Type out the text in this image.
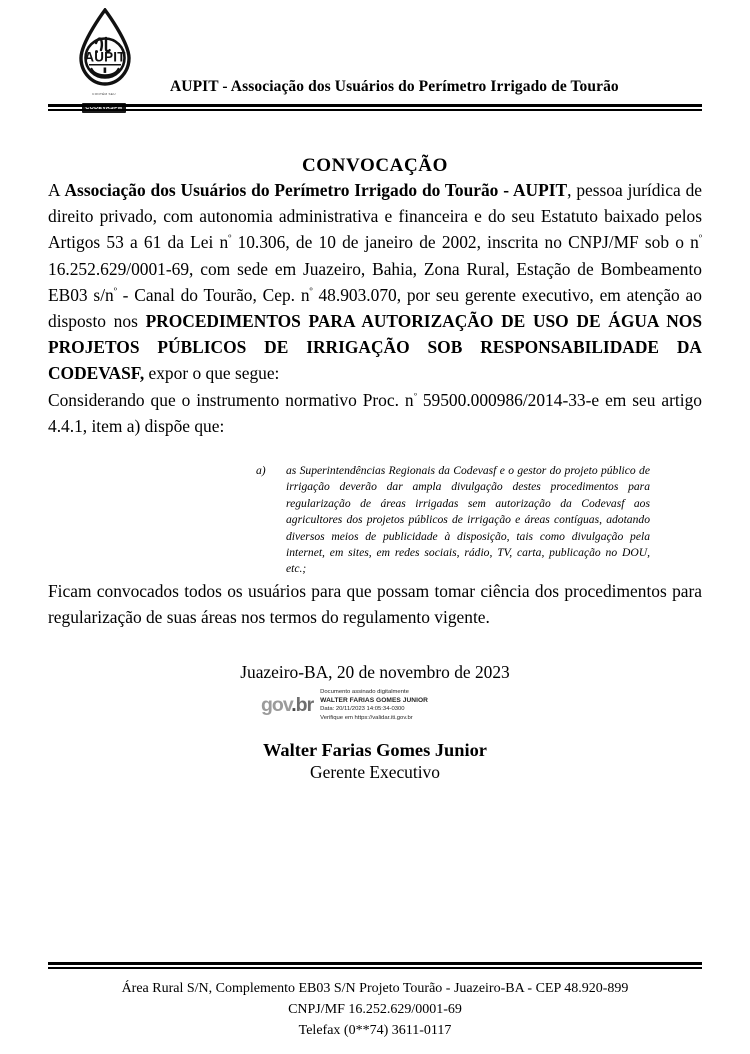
AUPIT
CONTÉM SEU	AUPIT - Associação dos Usuários do Perímetro Irrigado de Tourão
CONVOCAÇÃO

A Associação dos Usuários do Perímetro Irrigado do Tourão - AUPIT, pessoa jurídica de direito privado, com autonomia administrativa e financeira e do seu Estatuto baixado pelos Artigos 53 a 61 da Lei $n^º$ 10.306, de 10 de janeiro de 2002, inscrita no CNPJ/MF sob o $n^º$ 16.252.629/0001-69, com sede em Juazeiro, Bahia, Zona Rural, Estação de Bombeamento EB03 $s/n^º$ - Canal do Tourão, Cep. $n^º$ 48.903.070, por seu gerente executivo, em atenção ao disposto nos PROCEDIMENTOS PARA AUTORIZAÇÃO DE USO DE ÁGUA NOS PROJETOS PÚBLICOS DE IRRIGAÇÃO SOB RESPONSABILIDADE DA CODEVASF, expor o que segue:

Considerando que o instrumento normativo Proc. $n^º$ 59500.000986/2014-33-e em seu artigo 4.4.1, item a) dispõe que:

a)	as Superintendências Regionais da Codevasf e o gestor do projeto público de irrigação deverão dar ampla divulgação destes procedimentos para regularização de áreas irrigadas sem autorização da Codevasf aos agricultores dos projetos públicos de irrigação e áreas contíguas, adotando diversos meios de publicidade à disposição, tais como divulgação pela internet, em sites, em redes sociais, rádio, TV, carta, publicação no DOU, etc.;

Ficam convocados todos os usuários para que possam tomar ciência dos procedimentos para regularização de suas áreas nos termos do regulamento vigente.

Juazeiro-BA, 20 de novembro de 2023
gov.br
Documento assinado digitalmente
WALTER FARIAS GOMES JUNIOR
Data: 20/11/2023 14:05:34-0300
Verifique em https://validar.iti.gov.br
Walter Farias Gomes Junior
Gerente Executivo
Área Rural S/N, Complemento EB03 S/N Projeto Tourão - Juazeiro-BA - CEP 48.920-899
CNPJ/MF 16.252.629/0001-69
Telefax (0**74) 3611-0117
